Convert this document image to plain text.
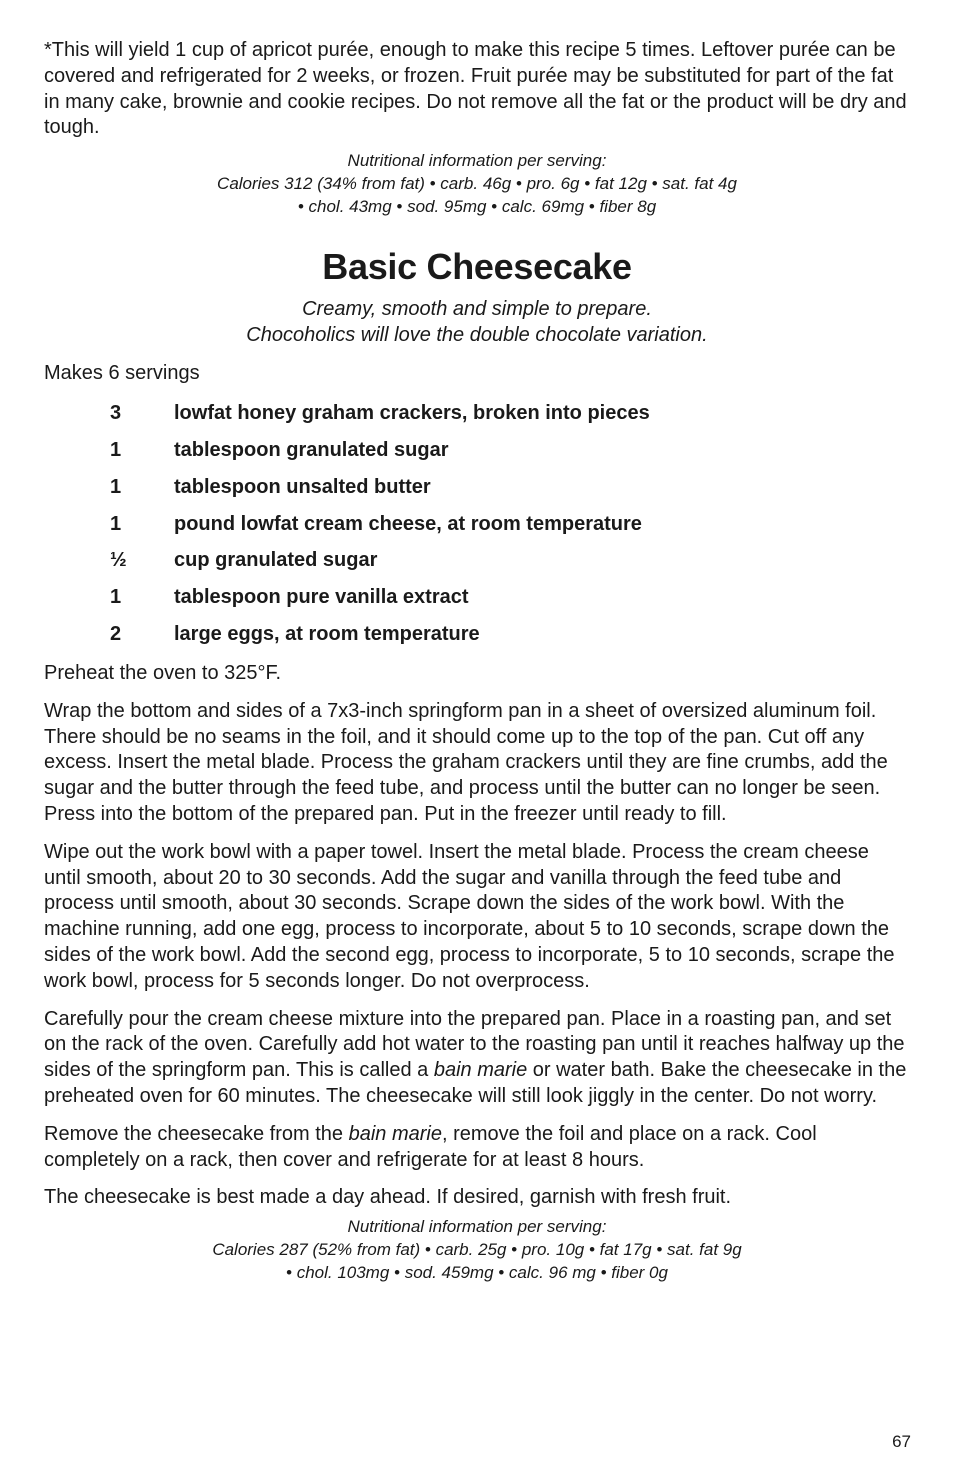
*This will yield 1 cup of apricot purée, enough to make this recipe 5 times. Leftover purée can be covered and refrigerated for 2 weeks, or frozen. Fruit purée may be substituted for part of the fat in many cake, brownie and cookie recipes. Do not remove all the fat or the product will be dry and tough.

Nutritional information per serving:
Calories 312 (34% from fat) • carb. 46g • pro. 6g • fat 12g • sat. fat 4g
• chol. 43mg • sod. 95mg • calc. 69mg • fiber 8g
Basic Cheesecake
Creamy, smooth and simple to prepare.
Chocoholics will love the double chocolate variation.

Makes 6 servings

3	lowfat honey graham crackers, broken into pieces
1	tablespoon granulated sugar
1	tablespoon unsalted butter
1	pound lowfat cream cheese, at room temperature
½	cup granulated sugar
1	tablespoon pure vanilla extract
2	large eggs, at room temperature

Preheat the oven to 325°F.

Wrap the bottom and sides of a 7x3-inch springform pan in a sheet of oversized aluminum foil. There should be no seams in the foil, and it should come up to the top of the pan. Cut off any excess. Insert the metal blade. Process the graham crackers until they are fine crumbs, add the sugar and the butter through the feed tube, and process until the butter can no longer be seen. Press into the bottom of the prepared pan. Put in the freezer until ready to fill.

Wipe out the work bowl with a paper towel. Insert the metal blade. Process the cream cheese until smooth, about 20 to 30 seconds. Add the sugar and vanilla through the feed tube and process until smooth, about 30 seconds. Scrape down the sides of the work bowl. With the machine running, add one egg, process to incorporate, about 5 to 10 seconds, scrape down the sides of the work bowl. Add the second egg, process to incorporate, 5 to 10 seconds, scrape the work bowl, process for 5 seconds longer. Do not overprocess.

Carefully pour the cream cheese mixture into the prepared pan. Place in a roasting pan, and set on the rack of the oven. Carefully add hot water to the roasting pan until it reaches halfway up the sides of the springform pan. This is called a bain marie or water bath. Bake the cheesecake in the preheated oven for 60 minutes. The cheesecake will still look jiggly in the center. Do not worry.

Remove the cheesecake from the bain marie, remove the foil and place on a rack. Cool completely on a rack, then cover and refrigerate for at least 8 hours.

The cheesecake is best made a day ahead. If desired, garnish with fresh fruit.

Nutritional information per serving:
Calories 287 (52% from fat) • carb. 25g • pro. 10g • fat 17g • sat. fat 9g
• chol. 103mg • sod. 459mg • calc. 96 mg • fiber 0g
67
